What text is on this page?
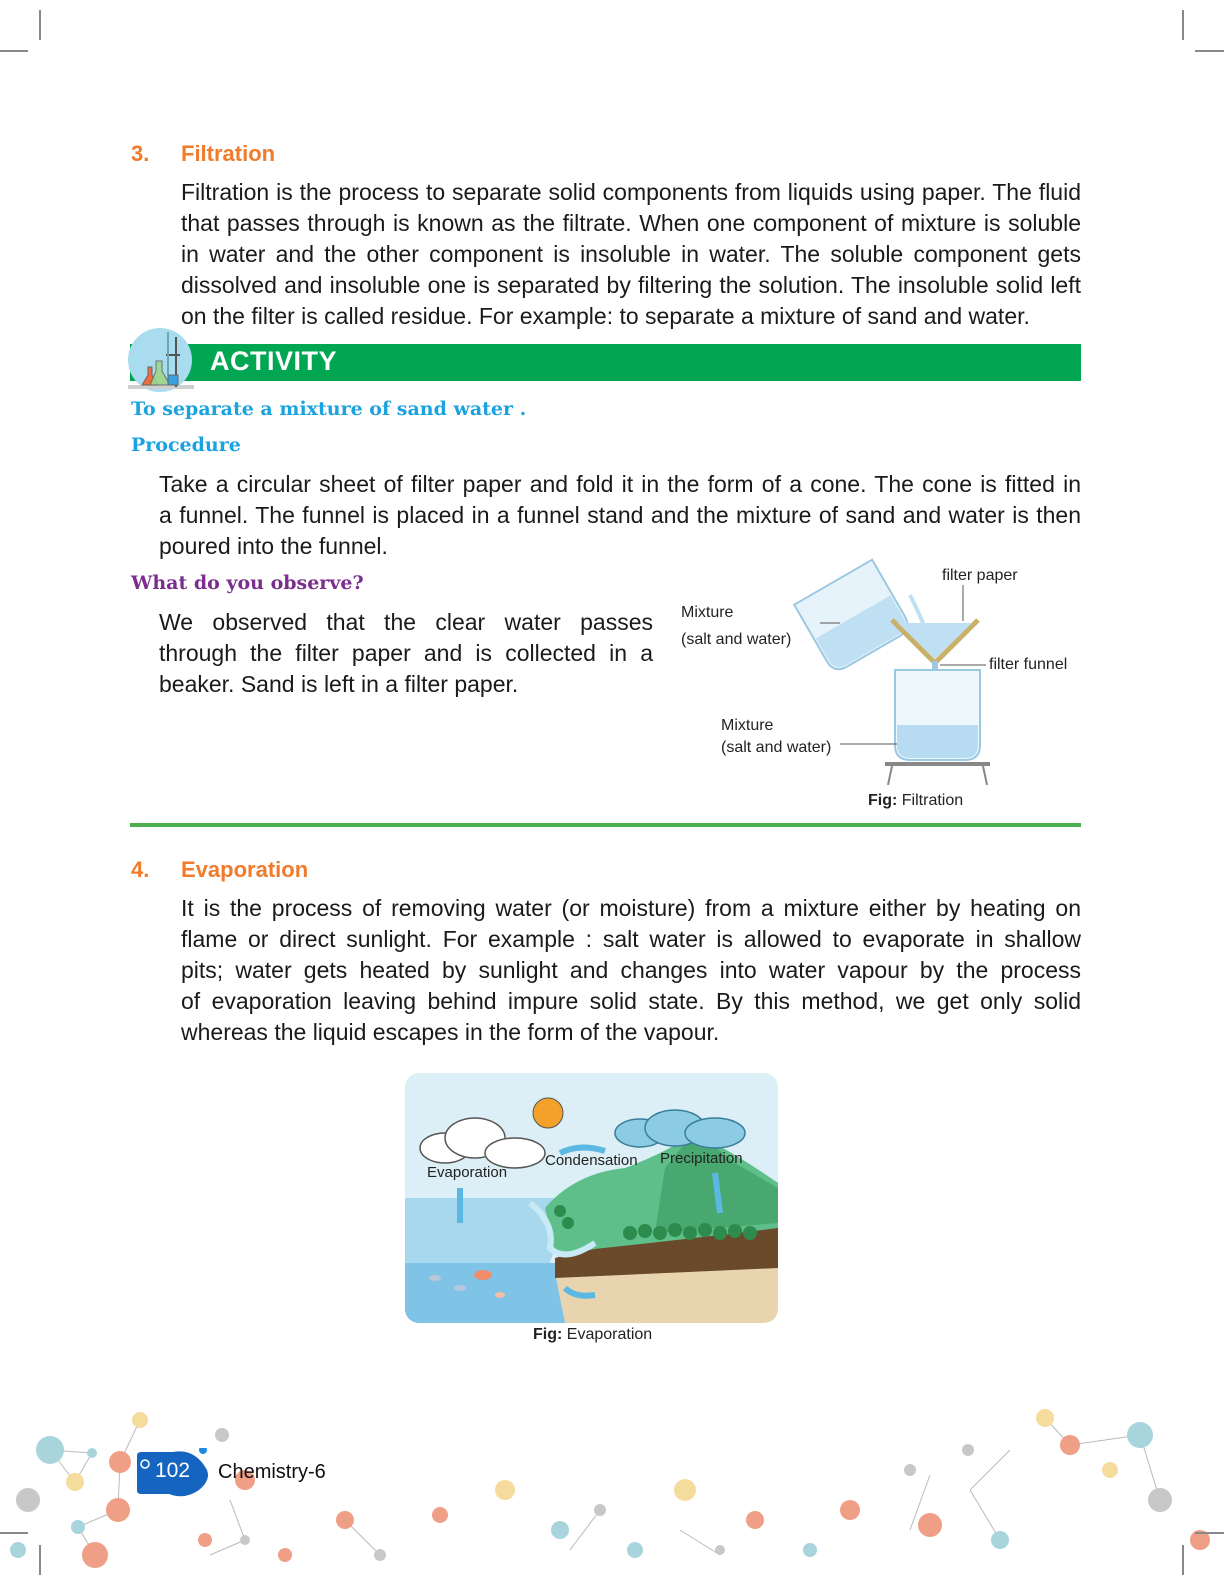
3. Filtration
Filtration is the process to separate solid components from liquids using paper. The fluid
that passes through is known as the filtrate. When one component of mixture is soluble
in water and the other component is insoluble in water. The soluble component gets
dissolved and insoluble one is separated by filtering the solution. The insoluble solid left
on the filter is called residue. For example: to separate a mixture of sand and water.
ACTIVITY
To separate a mixture of sand water .
Procedure
Take a circular sheet of filter paper and fold it in the form of a cone. The cone is fitted in
a funnel. The funnel is placed in a funnel stand and the mixture of sand and water is then
poured into the funnel.
What do you observe?
We observed that the clear water passes
through the filter paper and is collected in a
beaker. Sand is left in a filter paper.
filter paper
Mixture
(salt and water)
filter funnel
Mixture
(salt and water)
Fig: Filtration
4. Evaporation
It is the process of removing water (or moisture) from a mixture either by heating on
flame or direct sunlight. For example : salt water is allowed to evaporate in shallow
pits; water gets heated by sunlight and changes into water vapour by the process
of evaporation leaving behind impure solid state. By this method, we get only solid
whereas the liquid escapes in the form of the vapour.
Evaporation
Condensation Precipitation
Fig: Evaporation
102 Chemistry-6
